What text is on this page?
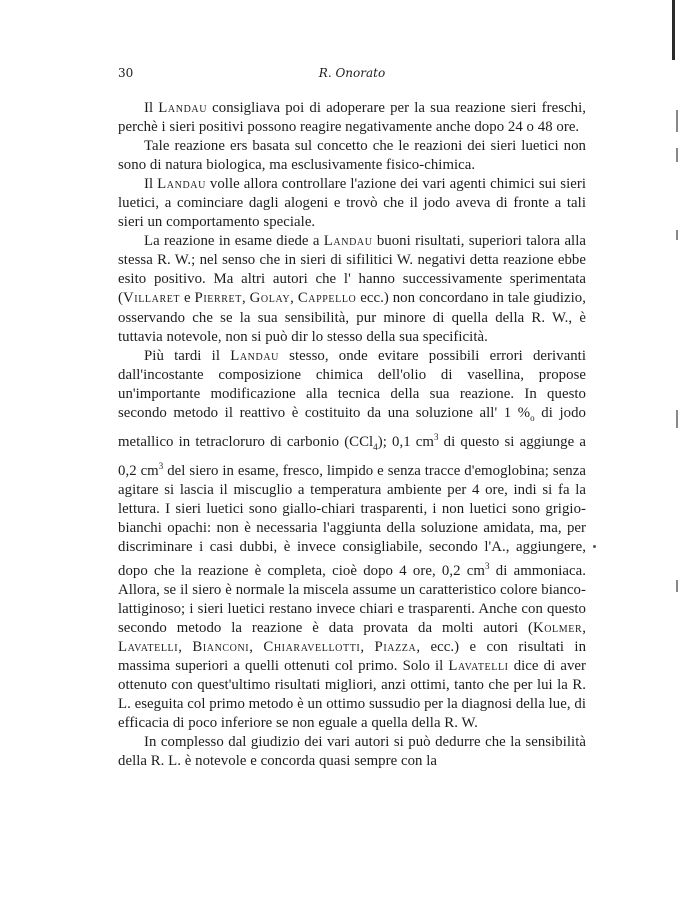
30	R. Onorato

Il Landau consigliava poi di adoperare per la sua reazione sieri freschi, perchè i sieri positivi possono reagire negativamente anche dopo 24 o 48 ore.

Tale reazione ers basata sul concetto che le reazioni dei sieri luetici non sono di natura biologica, ma esclusivamente fisico-chimica.

Il Landau volle allora controllare l'azione dei vari agenti chimici sui sieri luetici, a cominciare dagli alogeni e trovò che il jodo aveva di fronte a tali sieri un comportamento speciale.

La reazione in esame diede a Landau buoni risultati, superiori talora alla stessa R. W.; nel senso che in sieri di sifilitici W. negativi detta reazione ebbe esito positivo. Ma altri autori che l' hanno successivamente sperimentata (Villaret e Pierret, Golay, Cappello ecc.) non concordano in tale giudizio, osservando che se la sua sensibilità, pur minore di quella della R. W., è tuttavia notevole, non si può dir lo stesso della sua specificità.

Più tardi il Landau stesso, onde evitare possibili errori derivanti dall'incostante composizione chimica dell'olio di vasellina, propose un'importante modificazione alla tecnica della sua reazione. In questo secondo metodo il reattivo è costituito da una soluzione all' 1 $\%_o$ di jodo metallico in tetracloruro di carbonio (CCl$_4$); 0,1 $cm^3$ di questo si aggiunge a 0,2 $cm^3$ del siero in esame, fresco, limpido e senza tracce d'emoglobina; senza agitare si lascia il miscuglio a temperatura ambiente per 4 ore, indi si fa la lettura. I sieri luetici sono giallo-chiari trasparenti, i non luetici sono grigio-bianchi opachi: non è necessaria l'aggiunta della soluzione amidata, ma, per discriminare i casi dubbi, è invece consigliabile, secondo l'A., aggiungere, dopo che la reazione è completa, cioè dopo 4 ore, 0,2 $cm^3$ di ammoniaca. Allora, se il siero è normale la miscela assume un caratteristico colore bianco-lattiginoso; i sieri luetici restano invece chiari e trasparenti. Anche con questo secondo metodo la reazione è data provata da molti autori (Kolmer, Lavatelli, Bianconi, Chiaravellotti, Piazza, ecc.) e con risultati in massima superiori a quelli ottenuti col primo. Solo il Lavatelli dice di aver ottenuto con quest'ultimo risultati migliori, anzi ottimi, tanto che per lui la R. L. eseguita col primo metodo è un ottimo sussudio per la diagnosi della lue, di efficacia di poco inferiore se non eguale a quella della R. W.

In complesso dal giudizio dei vari autori si può dedurre che la sensibilità della R. L. è notevole e concorda quasi sempre con la
